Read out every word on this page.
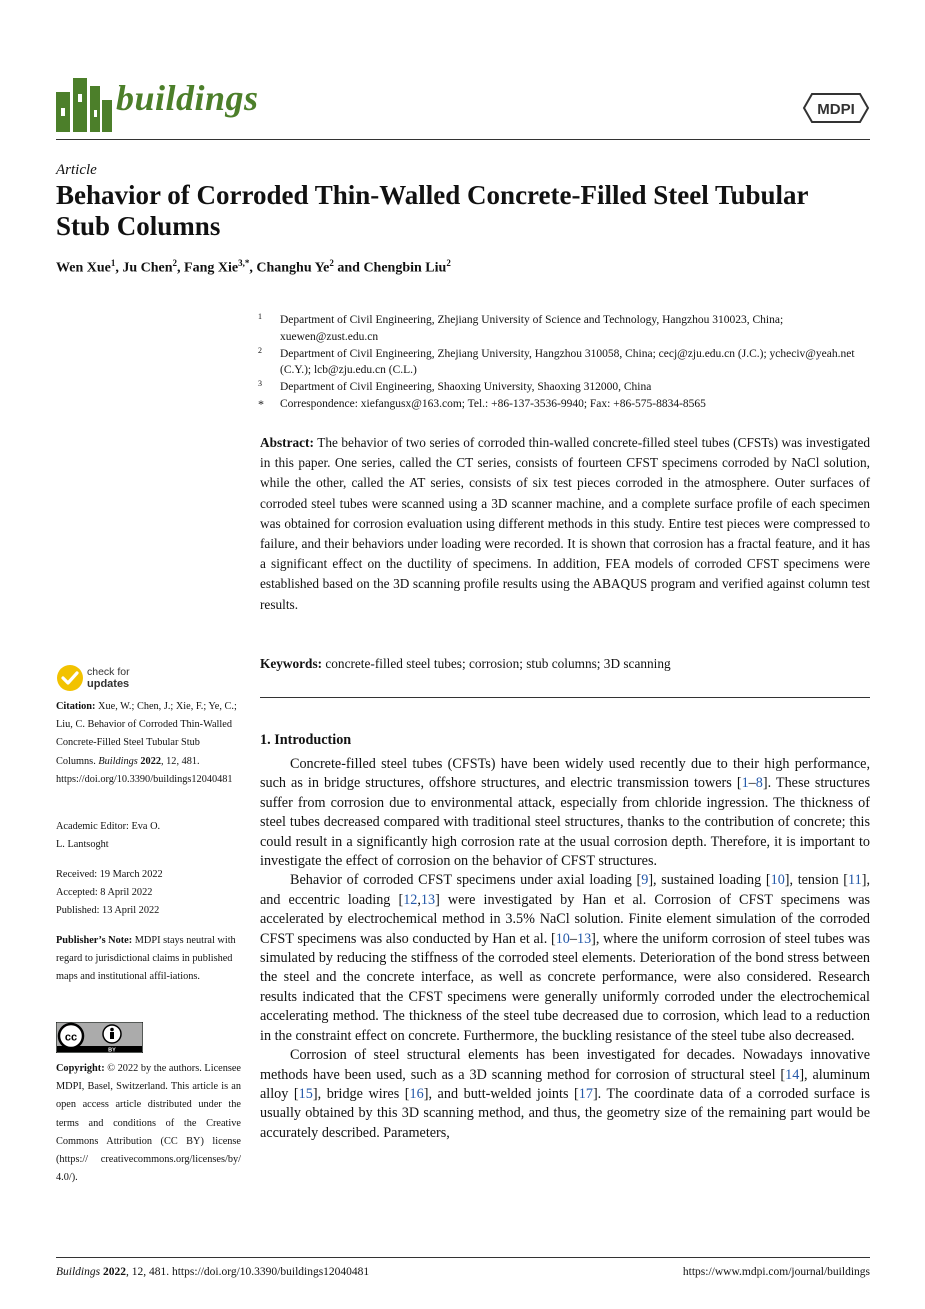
buildings	MDPI
Article
Behavior of Corroded Thin-Walled Concrete-Filled Steel Tubular Stub Columns
Wen Xue$^1$, Ju Chen$^2$, Fang Xie$^{3,*}$, Changhu Ye$^2$ and Chengbin Liu$^2$
1 Department of Civil Engineering, Zhejiang University of Science and Technology, Hangzhou 310023, China; xuewen@zust.edu.cn
2 Department of Civil Engineering, Zhejiang University, Hangzhou 310058, China; cecj@zju.edu.cn (J.C.); ycheciv@yeah.net (C.Y.); lcb@zju.edu.cn (C.L.)
3 Department of Civil Engineering, Shaoxing University, Shaoxing 312000, China
* Correspondence: xiefangusx@163.com; Tel.: +86-137-3536-9940; Fax: +86-575-8834-8565
Abstract: The behavior of two series of corroded thin-walled concrete-filled steel tubes (CFSTs) was investigated in this paper. One series, called the CT series, consists of fourteen CFST specimens corroded by NaCl solution, while the other, called the AT series, consists of six test pieces corroded in the atmosphere. Outer surfaces of corroded steel tubes were scanned using a 3D scanner machine, and a complete surface profile of each specimen was obtained for corrosion evaluation using different methods in this study. Entire test pieces were compressed to failure, and their behaviors under loading were recorded. It is shown that corrosion has a fractal feature, and it has a significant effect on the ductility of specimens. In addition, FEA models of corroded CFST specimens were established based on the 3D scanning profile results using the ABAQUS program and verified against column test results.
Keywords: concrete-filled steel tubes; corrosion; stub columns; 3D scanning
check for
updates
Citation: Xue, W.; Chen, J.; Xie, F.; Ye, C.; Liu, C. Behavior of Corroded Thin-Walled Concrete-Filled Steel Tubular Stub Columns. Buildings 2022, 12, 481. https://doi.org/10.3390/buildings12040481
Academic Editor: Eva O.
L. Lantsoght
Received: 19 March 2022
Accepted: 8 April 2022
Published: 13 April 2022
Publisher’s Note: MDPI stays neutral with regard to jurisdictional claims in published maps and institutional affil-iations.
cc
BY
Copyright: © 2022 by the authors. Licensee MDPI, Basel, Switzerland. This article is an open access article distributed under the terms and conditions of the Creative Commons Attribution (CC BY) license (https:// creativecommons.org/licenses/by/ 4.0/).
1. Introduction

Concrete-filled steel tubes (CFSTs) have been widely used recently due to their high performance, such as in bridge structures, offshore structures, and electric transmission towers [1–8]. These structures suffer from corrosion due to environmental attack, especially from chloride ingression. The thickness of steel tubes decreased compared with traditional steel structures, thanks to the contribution of concrete; this could result in a significantly high corrosion rate at the usual corrosion depth. Therefore, it is important to investigate the effect of corrosion on the behavior of CFST structures.

Behavior of corroded CFST specimens under axial loading [9], sustained loading [10], tension [11], and eccentric loading [12,13] were investigated by Han et al. Corrosion of CFST specimens was accelerated by electrochemical method in 3.5% NaCl solution. Finite element simulation of the corroded CFST specimens was also conducted by Han et al. [10–13], where the uniform corrosion of steel tubes was simulated by reducing the stiffness of the corroded steel elements. Deterioration of the bond stress between the steel and the concrete interface, as well as concrete performance, were also considered. Research results indicated that the CFST specimens were generally uniformly corroded under the electrochemical accelerating method. The thickness of the steel tube decreased due to corrosion, which lead to a reduction in the constraint effect on concrete. Furthermore, the buckling resistance of the steel tube also decreased.

Corrosion of steel structural elements has been investigated for decades. Nowadays innovative methods have been used, such as a 3D scanning method for corrosion of structural steel [14], aluminum alloy [15], bridge wires [16], and butt-welded joints [17]. The coordinate data of a corroded surface is usually obtained by this 3D scanning method, and thus, the geometry size of the remaining part would be accurately described. Parameters,

Buildings 2022, 12, 481. https://doi.org/10.3390/buildings12040481	https://www.mdpi.com/journal/buildings
